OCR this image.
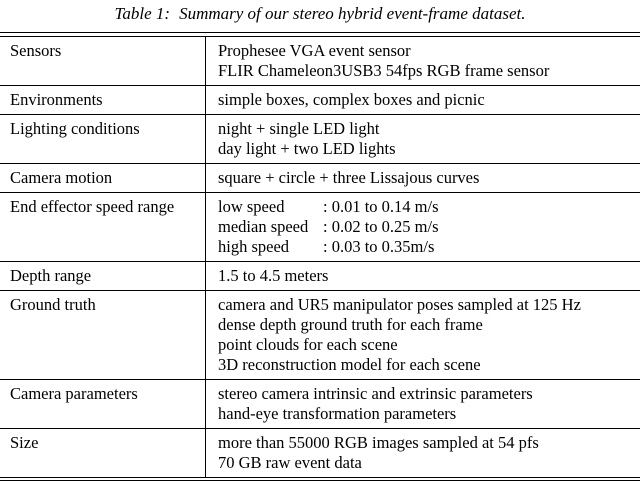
Table 1: Summary of our stereo hybrid event-frame dataset.
Sensors	Prophesee VGA event sensor
FLIR Chameleon3USB3 54fps RGB frame sensor
Environments	simple boxes, complex boxes and picnic
Lighting conditions	night + single LED light
day light + two LED lights
Camera motion	square + circle + three Lissajous curves
End effector speed range	low speed : 0.01 to 0.14 m/s
median speed : 0.02 to 0.25 m/s
high speed : 0.03 to 0.35m/s
Depth range	1.5 to 4.5 meters
Ground truth	camera and UR5 manipulator poses sampled at 125 Hz
dense depth ground truth for each frame
point clouds for each scene
3D reconstruction model for each scene
Camera parameters	stereo camera intrinsic and extrinsic parameters
hand-eye transformation parameters
Size	more than 55000 RGB images sampled at 54 pfs
70 GB raw event data
